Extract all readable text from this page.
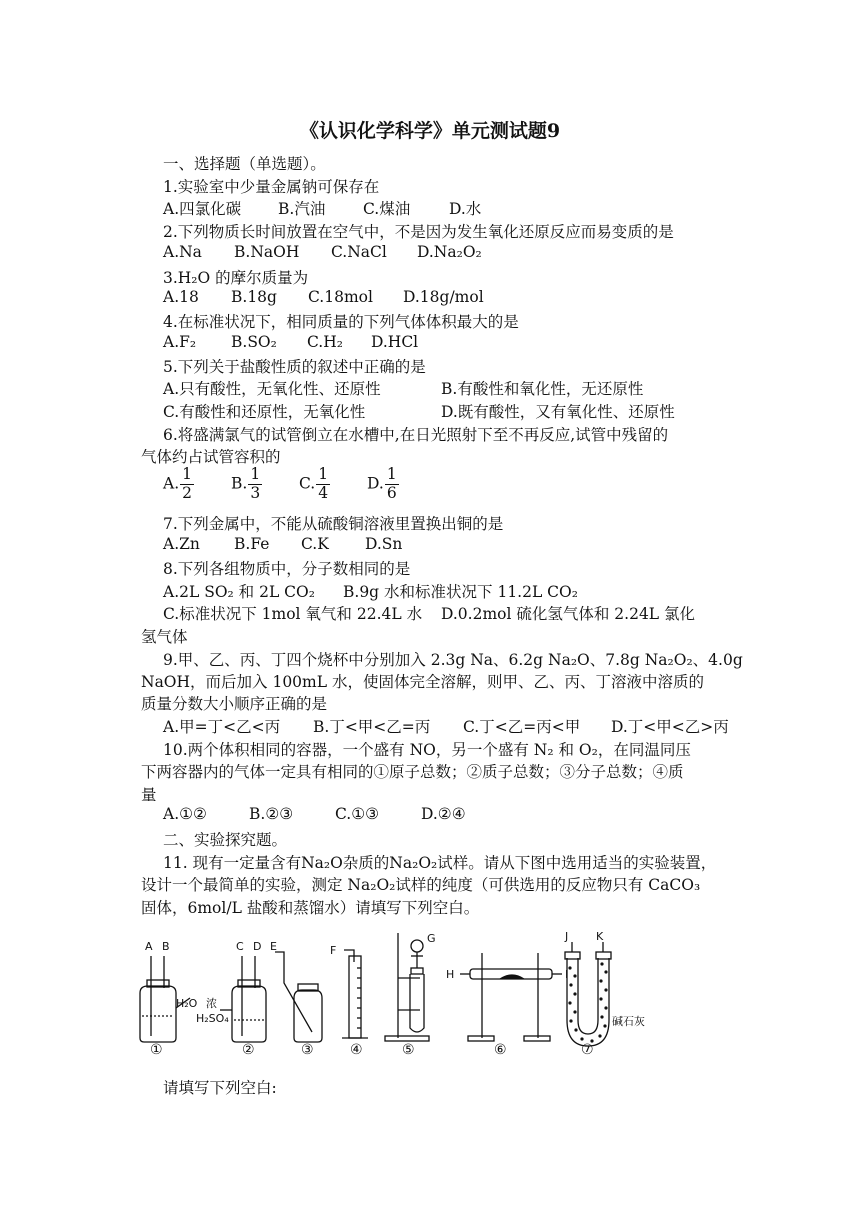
《认识化学科学》单元测试题9
一、选择题（单选题）。
1.实验室中少量金属钠可保存在
A.四氯化碳 B.汽油 C.煤油	D.水
2.下列物质长时间放置在空气中，不是因为发生氧化还原反应而易变质的是
A.Na B.NaOH C.NaCl D.Na₂O₂
3.H₂O 的摩尔质量为
A.18 B.18g C.18mol D.18g/mol
4.在标准状况下，相同质量的下列气体体积最大的是
A.F₂ B.SO₂ C.H₂ D.HCl
5.下列关于盐酸性质的叙述中正确的是
A.只有酸性，无氧化性、还原性	B.有酸性和氧化性，无还原性
C.有酸性和还原性，无氧化性	D.既有酸性，又有氧化性、还原性
6.将盛满氯气的试管倒立在水槽中,在日光照射下至不再反应,试管中残留的
气体约占试管容积的
A. $\frac{1}{2} B$. $\frac{1}{3} C$. $\frac{1}{4} D$. $\frac{1}{6}$
7.下列金属中，不能从硫酸铜溶液里置换出铜的是
A.Zn B.Fe C.K D.Sn
8.下列各组物质中，分子数相同的是
A.2L SO₂ 和 2L CO₂ B.9g 水和标准状况下 11.2L CO₂
C.标准状况下 1mol 氧气和 22.4L 水 D.0.2mol 硫化氢气体和 2.24L 氯化
氢气体
9.甲、乙、丙、丁四个烧杯中分别加入 2.3g Na、6.2g Na₂O、7.8g Na₂O₂、4.0g
NaOH，而后加入 100mL 水，使固体完全溶解，则甲、乙、丙、丁溶液中溶质的
质量分数大小顺序正确的是
A.甲=丁<乙<丙 B.丁<甲<乙=丙 C.丁<乙=丙<甲 D.丁<甲<乙>丙
10.两个体积相同的容器，一个盛有 NO，另一个盛有 N₂ 和 O₂，在同温同压
下两容器内的气体一定具有相同的①原子总数；②质子总数；③分子总数；④质
量
A.①②	B.②③	C.①③	D.②④
二、实验探究题。
11. 现有一定量含有Na₂O杂质的Na₂O₂试样。请从下图中选用适当的实验装置，
设计一个最简单的实验，测定 Na₂O₂试样的纯度（可供选用的反应物只有 CaCO₃
固体，6mol/L 盐酸和蒸馏水）请填写下列空白。
A B	C D E	F
G
H	I
J	K
H₂O 浓
H₂SO₄	碱石灰
①	②	③	④	⑤	⑥	⑦
请填写下列空白:
